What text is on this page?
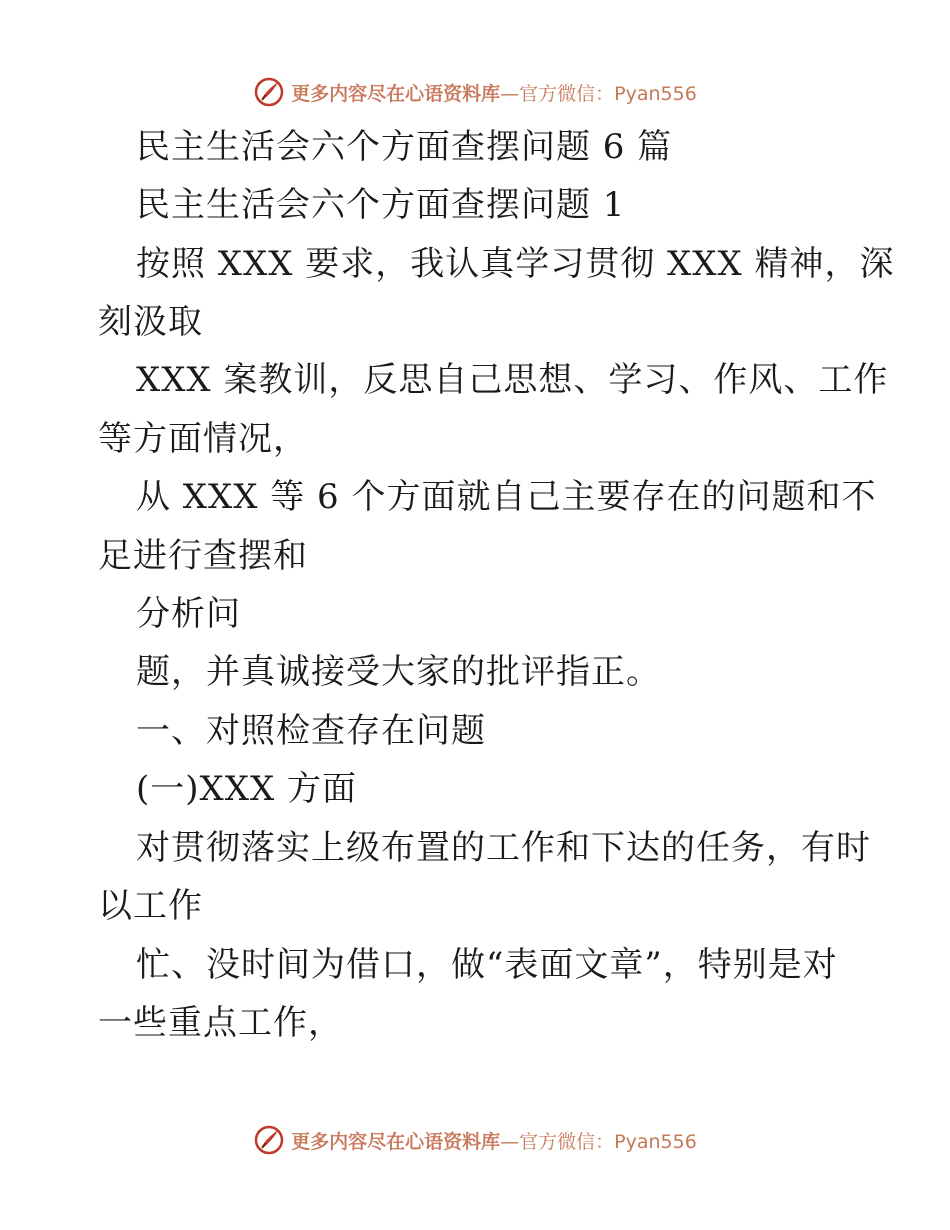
更多内容尽在心语资料库—官方微信：Pyan556
民主生活会六个方面查摆问题 6 篇
民主生活会六个方面查摆问题 1
按照 XXX 要求，我认真学习贯彻 XXX 精神，深
刻汲取
XXX 案教训，反思自己思想、学习、作风、工作
等方面情况，
从 XXX 等 6 个方面就自己主要存在的问题和不
足进行查摆和
分析问
题，并真诚接受大家的批评指正。
一、对照检查存在问题
(一)XXX 方面
对贯彻落实上级布置的工作和下达的任务，有时
以工作
忙、没时间为借口，做“表面文章”，特别是对
一些重点工作，
更多内容尽在心语资料库—官方微信：Pyan556
